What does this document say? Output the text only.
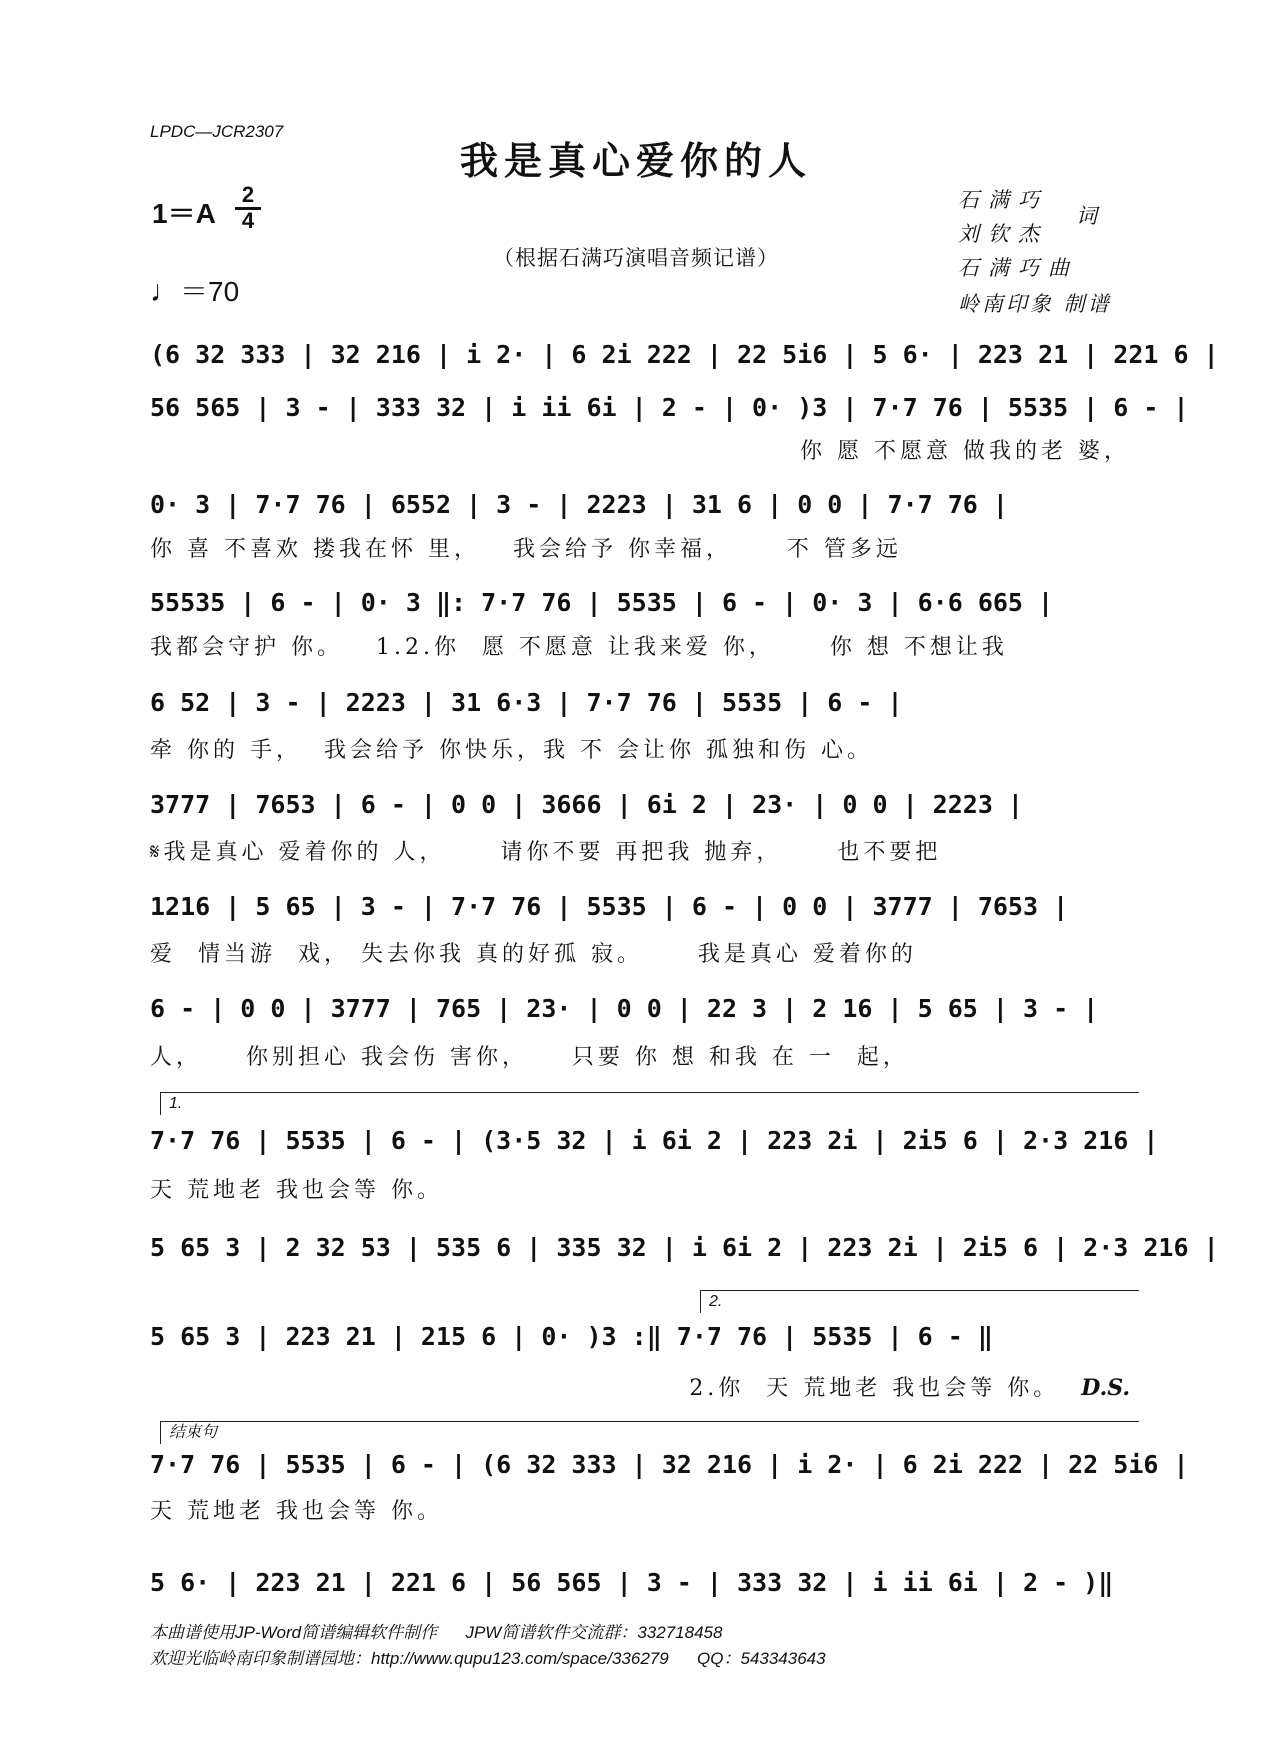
LPDC—JCR2307
我是真心爱你的人
1＝A
2
4
♩＝70
（根据石满巧演唱音频记谱）
石满巧
刘钦杰
词
石满巧曲
岭南印象 制谱
(6 32 333 | 32 216 | i 2· | 6 2i 222 | 22 5i6 | 5 6· | 223 21 | 221 6 |
56 565 | 3 - | 333 32 | i ii 6i | 2 - | 0· )3 | 7·7 76 | 5535 | 6 - |
你 愿 不愿意 做我的老 婆，
0· 3 | 7·7 76 | 6552 | 3 - | 2223 | 31 6 | 0 0 | 7·7 76 |
你 喜 不喜欢 搂我在怀 里，   我会给予 你幸福，     不 管多远
55535 | 6 - | 0· 3 ‖: 7·7 76 | 5535 | 6 - | 0· 3 | 6·6 665 |
我都会守护 你。   1.2.你  愿 不愿意 让我来爱 你，     你 想 不想让我
6 52 | 3 - | 2223 | 31 6·3 | 7·7 76 | 5535 | 6 - |
牵 你的 手，  我会给予 你快乐，我 不 会让你 孤独和伤 心。
3777 | 7653 | 6 - | 0 0 | 3666 | 6i 2 | 23· | 0 0 | 2223 |
𝄋我是真心 爱着你的 人，     请你不要 再把我 抛弃，     也不要把
1216 | 5 65 | 3 - | 7·7 76 | 5535 | 6 - | 0 0 | 3777 | 7653 |
爱  情当游  戏， 失去你我 真的好孤 寂。     我是真心 爱着你的
6 - | 0 0 | 3777 | 765 | 23· | 0 0 | 22 3 | 2 16 | 5 65 | 3 - |
人，    你别担心 我会伤 害你，    只要 你 想 和我 在 一  起，
1.
7·7 76 | 5535 | 6 - | (3·5 32 | i 6i 2 | 223 2i | 2i5 6 | 2·3 216 |
天 荒地老 我也会等 你。
5 65 3 | 2 32 53 | 535 6 | 335 32 | i 6i 2 | 223 2i | 2i5 6 | 2·3 216 |
2.
5 65 3 | 223 21 | 215 6 | 0· )3 :‖ 7·7 76 | 5535 | 6 - ‖
2.你  天 荒地老 我也会等 你。 D.S.
结束句
7·7 76 | 5535 | 6 - | (6 32 333 | 32 216 | i 2· | 6 2i 222 | 22 5i6 |
天 荒地老 我也会等 你。
5 6· | 223 21 | 221 6 | 56 565 | 3 - | 333 32 | i ii 6i | 2 - )‖
本曲谱使用JP-Word简谱编辑软件制作      JPW简谱软件交流群：332718458
欢迎光临岭南印象制谱园地：http://www.qupu123.com/space/336279      QQ：543343643
